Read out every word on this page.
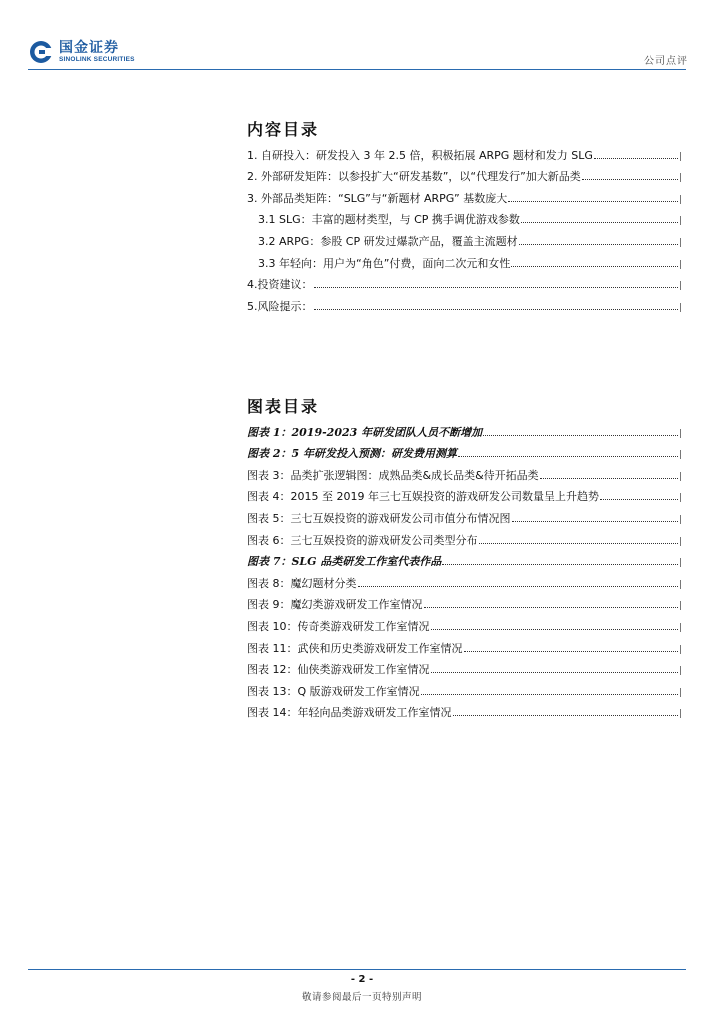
国金证券
SINOLINK SECURITIES	公司点评
内容目录
1. 自研投入：研发投入 3 年 2.5 倍，积极拓展 ARPG 题材和发力 SLG
2. 外部研发矩阵：以参投扩大“研发基数”，以“代理发行”加大新品类
3. 外部品类矩阵：“SLG”与“新题材 ARPG” 基数庞大
3.1 SLG：丰富的题材类型，与 CP 携手调优游戏参数
3.2 ARPG：参股 CP 研发过爆款产品，覆盖主流题材
3.3 年轻向：用户为“角色”付费，面向二次元和女性
4.投资建议：
5.风险提示：
图表目录
图表 1：2019-2023 年研发团队人员不断增加
图表 2：5 年研发投入预测：研发费用测算
图表 3：品类扩张逻辑图：成熟品类&成长品类&待开拓品类
图表 4：2015 至 2019 年三七互娱投资的游戏研发公司数量呈上升趋势
图表 5：三七互娱投资的游戏研发公司市值分布情况图
图表 6：三七互娱投资的游戏研发公司类型分布
图表 7：SLG 品类研发工作室代表作品
图表 8：魔幻题材分类
图表 9：魔幻类游戏研发工作室情况
图表 10：传奇类游戏研发工作室情况
图表 11：武侠和历史类游戏研发工作室情况
图表 12：仙侠类游戏研发工作室情况
图表 13：Q 版游戏研发工作室情况
图表 14：年轻向品类游戏研发工作室情况
- 2 -
敬请参阅最后一页特别声明
